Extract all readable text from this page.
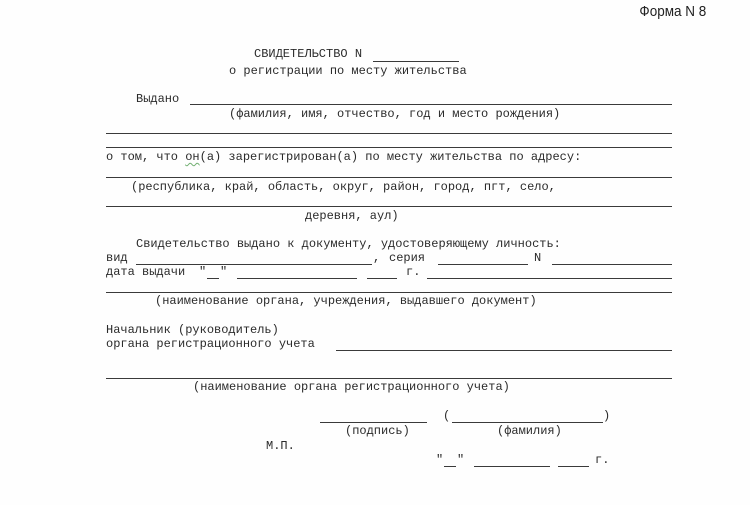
Форма N 8
СВИДЕТЕЛЬСТВО N
о регистрации по месту жительства
Выдано
(фамилия, имя, отчество, год и место рождения)
о том, что он(а) зарегистрирован(а) по месту жительства по адресу:
(республика, край, область, округ, район, город, пгт, село,
деревня, аул)
Свидетельство выдано к документу, удостоверяющему личность:
вид	, серия	N
дата выдачи " "	г.
(наименование органа, учреждения, выдавшего документ)
Начальник (руководитель)
органа регистрационного учета
(наименование органа регистрационного учета)
(	)
(подпись)	(фамилия)
М.П.
" "	г.
